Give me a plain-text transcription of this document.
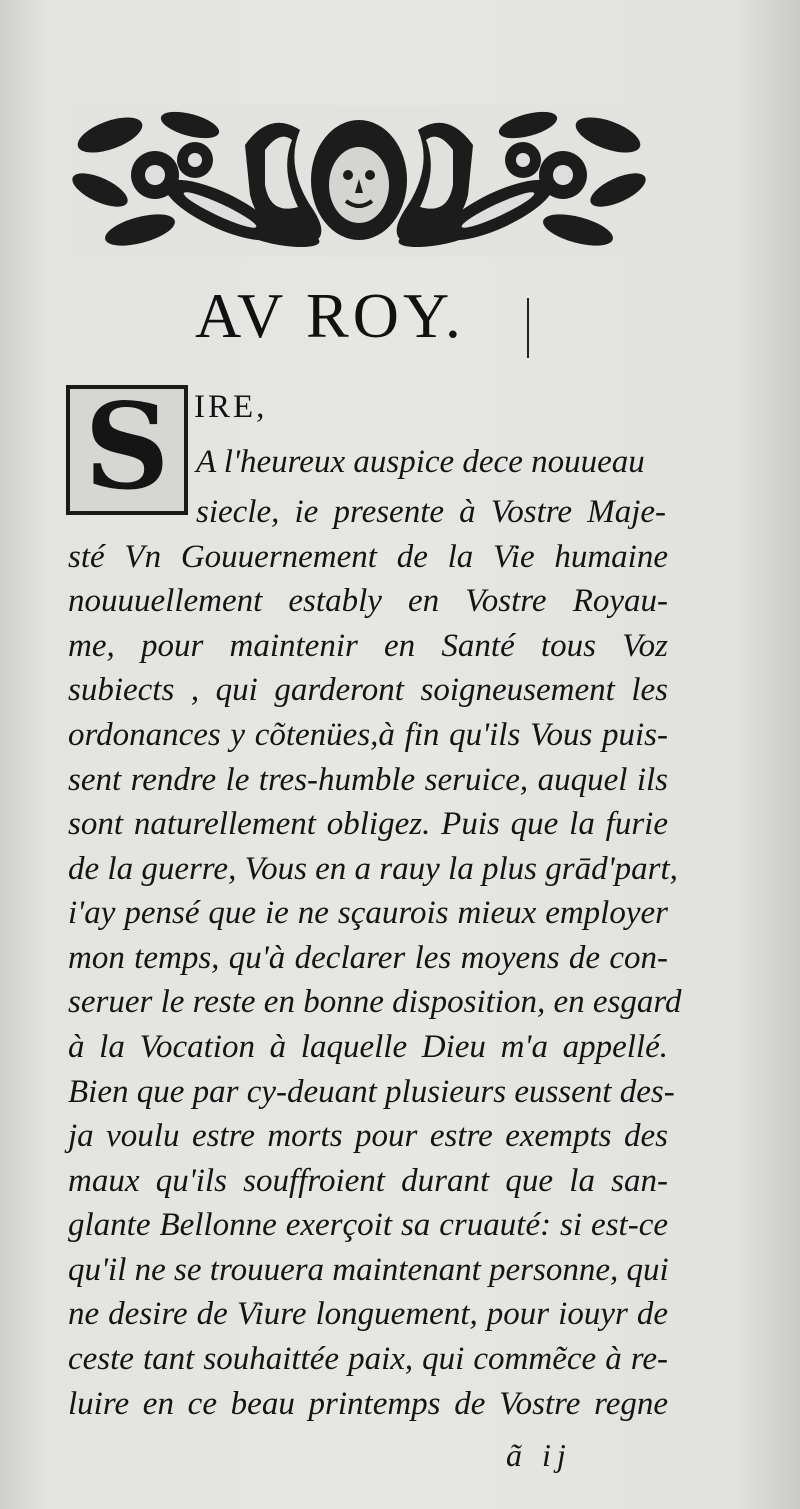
AV ROY.
S IRE,
A l'heureux auspice dece nouueau
siecle, ie presente à Vostre Maje-
sté Vn Gouuernement de la Vie humaine
nouuuellement estably en Vostre Royau-
me, pour maintenir en Santé tous Voz
subiects , qui garderont soigneusement les
ordonances y cõtenües,à fin qu'ils Vous puis-
sent rendre le tres-humble seruice, auquel ils
sont naturellement obligez. Puis que la furie
de la guerre, Vous en a rauy la plus grād'part,
i'ay pensé que ie ne sçaurois mieux employer
mon temps, qu'à declarer les moyens de con-
seruer le reste en bonne disposition, en esgard
à la Vocation à laquelle Dieu m'a appellé.
Bien que par cy-deuant plusieurs eussent des-
ja voulu estre morts pour estre exempts des
maux qu'ils souffroient durant que la san-
glante Bellonne exerçoit sa cruauté: si est-ce
qu'il ne se trouuera maintenant personne, qui
ne desire de Viure longuement, pour iouyr de
ceste tant souhaittée paix, qui commẽce à re-
luire en ce beau printemps de Vostre regne
ã ij
